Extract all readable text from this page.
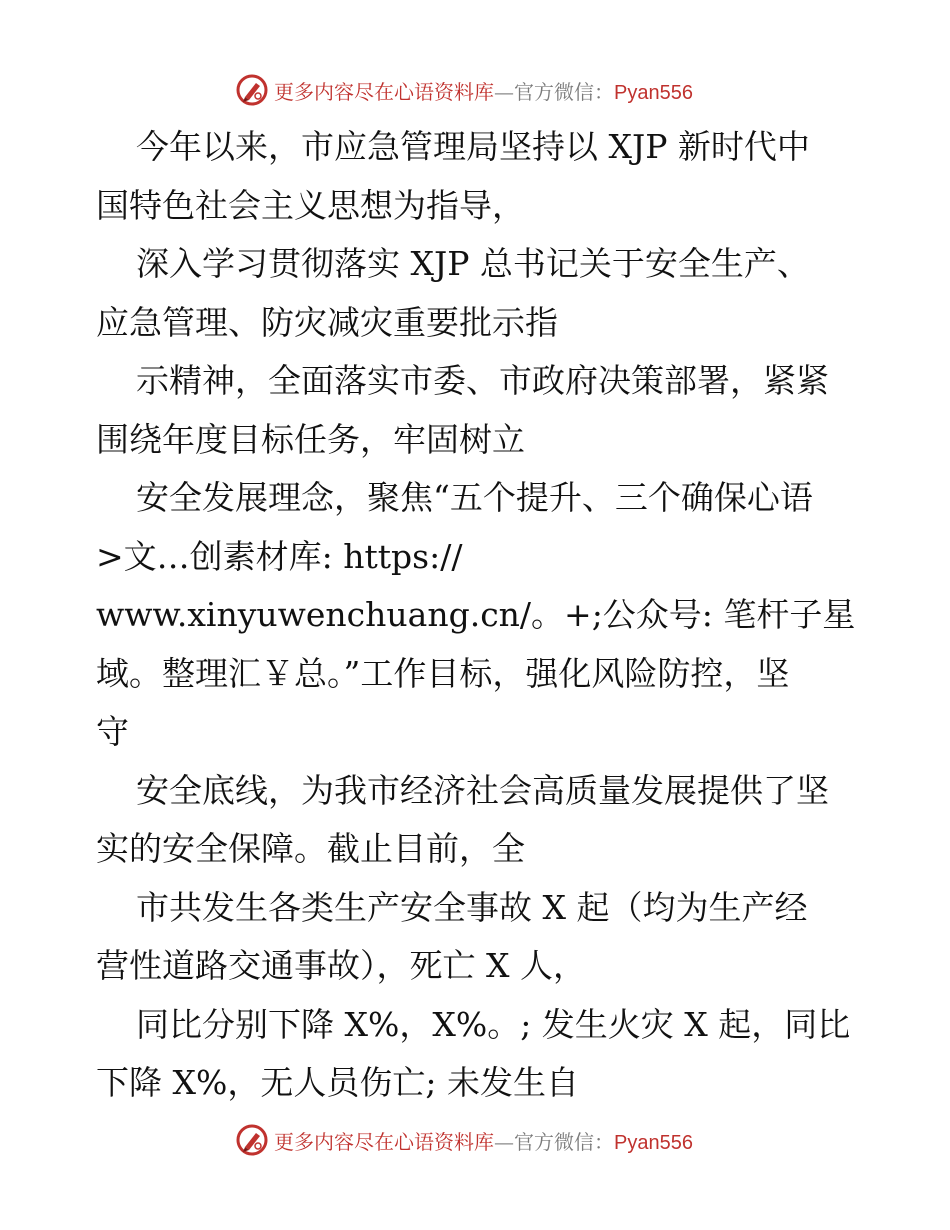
更多内容尽在心语资料库—官方微信：Pyan556
今年以来，市应急管理局坚持以 XJP 新时代中
国特色社会主义思想为指导，
深入学习贯彻落实 XJP 总书记关于安全生产、
应急管理、防灾减灾重要批示指
示精神，全面落实市委、市政府决策部署，紧紧
围绕年度目标任务，牢固树立
安全发展理念，聚焦“五个提升、三个确保心语
>文…创素材库: https://
www.xinyuwenchuang.cn/。+;公众号: 笔杆子星
域。整理汇￥总。”工作目标，强化风险防控，坚
守
安全底线，为我市经济社会高质量发展提供了坚
实的安全保障。截止目前，全
市共发生各类生产安全事故 X 起（均为生产经
营性道路交通事故），死亡 X 人，
同比分别下降 X%，X%。; 发生火灾 X 起，同比
下降 X%，无人员伤亡; 未发生自
更多内容尽在心语资料库—官方微信：Pyan556
